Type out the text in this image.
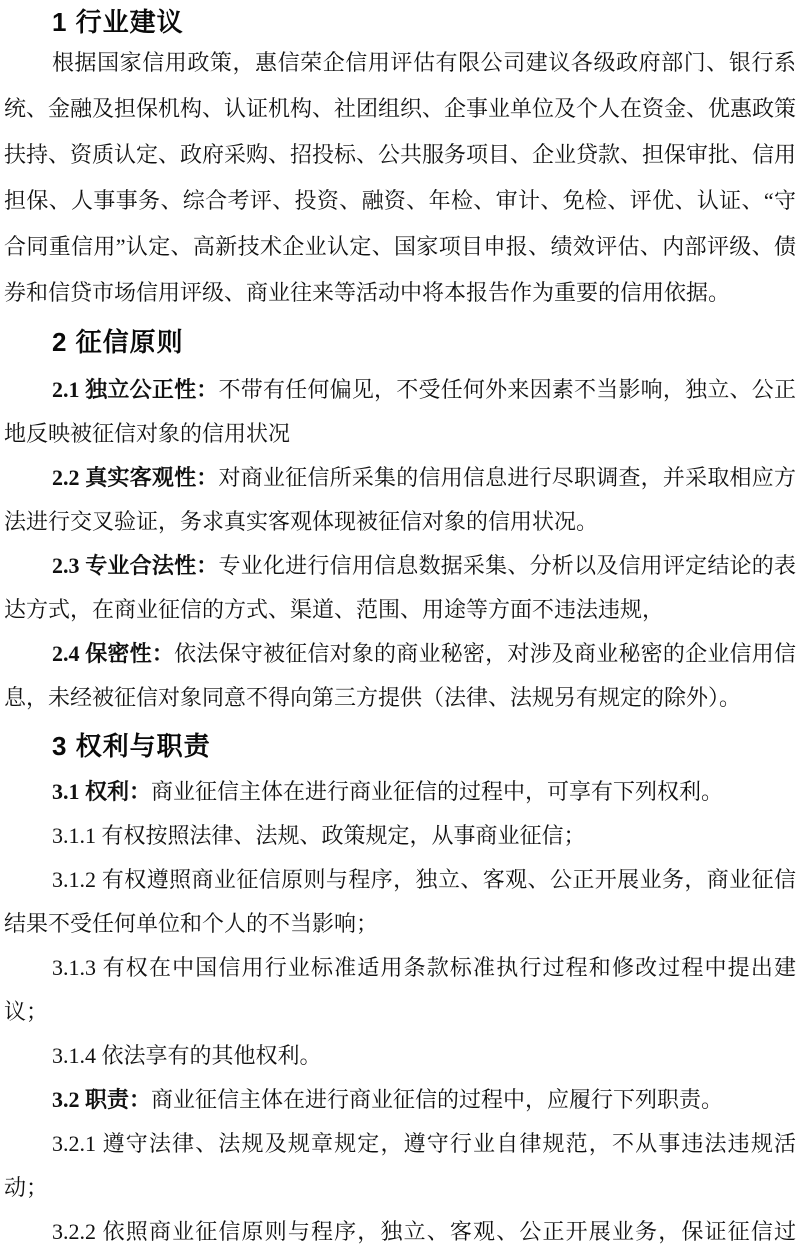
1 行业建议

根据国家信用政策，惠信荣企信用评估有限公司建议各级政府部门、银行系统、金融及担保机构、认证机构、社团组织、企事业单位及个人在资金、优惠政策扶持、资质认定、政府采购、招投标、公共服务项目、企业贷款、担保审批、信用担保、人事事务、综合考评、投资、融资、年检、审计、免检、评优、认证、“守合同重信用”认定、高新技术企业认定、国家项目申报、绩效评估、内部评级、债券和信贷市场信用评级、商业往来等活动中将本报告作为重要的信用依据。

2 征信原则

2.1 独立公正性：不带有任何偏见，不受任何外来因素不当影响，独立、公正地反映被征信对象的信用状况

2.2 真实客观性：对商业征信所采集的信用信息进行尽职调查，并采取相应方法进行交叉验证，务求真实客观体现被征信对象的信用状况。

2.3 专业合法性：专业化进行信用信息数据采集、分析以及信用评定结论的表达方式，在商业征信的方式、渠道、范围、用途等方面不违法违规，

2.4 保密性：依法保守被征信对象的商业秘密，对涉及商业秘密的企业信用信息，未经被征信对象同意不得向第三方提供（法律、法规另有规定的除外）。

3 权利与职责

3.1 权利：商业征信主体在进行商业征信的过程中，可享有下列权利。

3.1.1 有权按照法律、法规、政策规定，从事商业征信；

3.1.2 有权遵照商业征信原则与程序，独立、客观、公正开展业务，商业征信结果不受任何单位和个人的不当影响；

3.1.3 有权在中国信用行业标准适用条款标准执行过程和修改过程中提出建议；

3.1.4 依法享有的其他权利。

3.2 职责：商业征信主体在进行商业征信的过程中，应履行下列职责。

3.2.1 遵守法律、法规及规章规定，遵守行业自律规范，不从事违法违规活动；

3.2.2 依照商业征信原则与程序，独立、客观、公正开展业务，保证征信过
